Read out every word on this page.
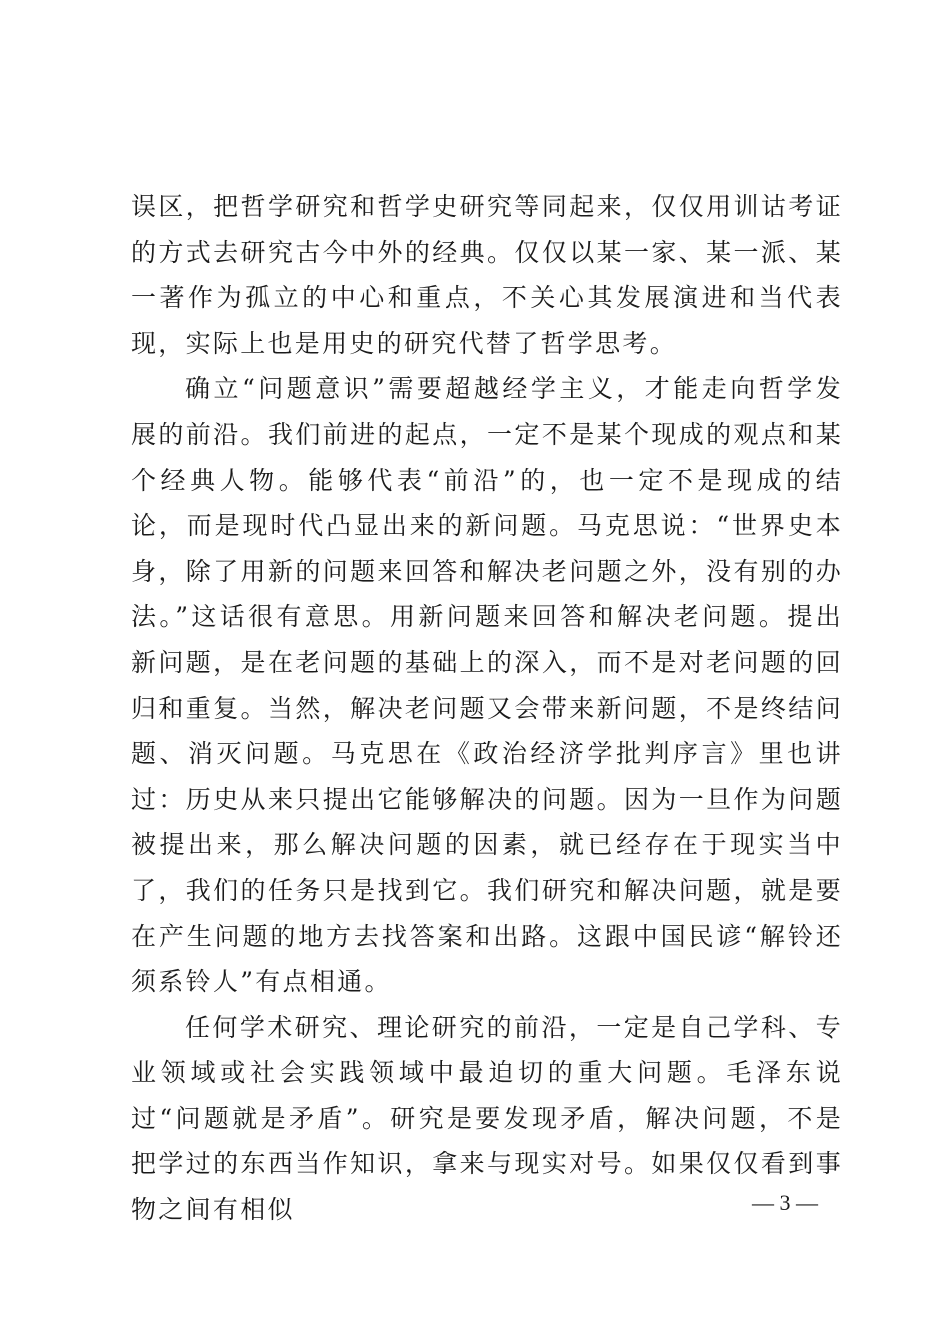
误区，把哲学研究和哲学史研究等同起来，仅仅用训诂考证的方式去研究古今中外的经典。仅仅以某一家、某一派、某一著作为孤立的中心和重点，不关心其发展演进和当代表现，实际上也是用史的研究代替了哲学思考。

确立“问题意识”需要超越经学主义，才能走向哲学发展的前沿。我们前进的起点，一定不是某个现成的观点和某个经典人物。能够代表“前沿”的，也一定不是现成的结论，而是现时代凸显出来的新问题。马克思说：“世界史本身，除了用新的问题来回答和解决老问题之外，没有别的办法。”这话很有意思。用新问题来回答和解决老问题。提出新问题，是在老问题的基础上的深入，而不是对老问题的回归和重复。当然，解决老问题又会带来新问题，不是终结问题、消灭问题。马克思在《政治经济学批判序言》里也讲过：历史从来只提出它能够解决的问题。因为一旦作为问题被提出来，那么解决问题的因素，就已经存在于现实当中了，我们的任务只是找到它。我们研究和解决问题，就是要在产生问题的地方去找答案和出路。这跟中国民谚“解铃还须系铃人”有点相通。

任何学术研究、理论研究的前沿，一定是自己学科、专业领域或社会实践领域中最迫切的重大问题。毛泽东说过“问题就是矛盾”。研究是要发现矛盾，解决问题，不是把学过的东西当作知识，拿来与现实对号。如果仅仅看到事物之间有相似	— 3 —
